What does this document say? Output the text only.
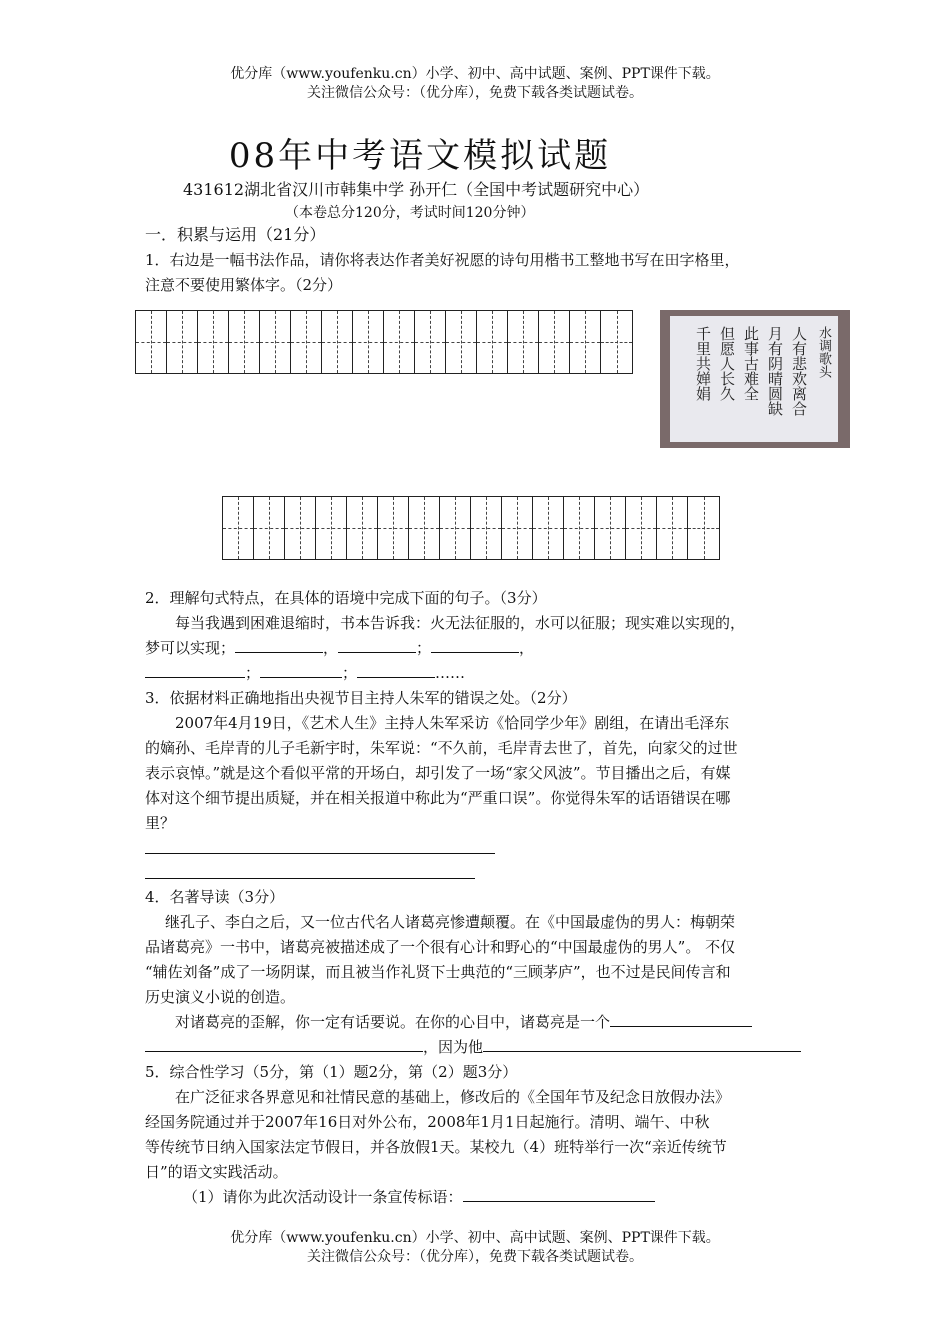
优分库（www.youfenku.cn）小学、初中、高中试题、案例、PPT课件下载。
关注微信公众号：（优分库），免费下载各类试题试卷。
08年中考语文模拟试题
431612湖北省汉川市韩集中学 孙开仁（全国中考试题研究中心）
（本卷总分120分，考试时间120分钟）
一．积累与运用（21分）
1．右边是一幅书法作品，请你将表达作者美好祝愿的诗句用楷书工整地书写在田字格里，
注意不要使用繁体字。（2分）
水调歌头
人有悲欢离合
月有阴晴圆缺
此事古难全
但愿人长久
千里共婵娟
2．理解句式特点，在具体的语境中完成下面的句子。（3分）
每当我遇到困难退缩时，书本告诉我：火无法征服的，水可以征服；现实难以实现的，
梦可以实现；	，	；	，
；	；	……
3．依据材料正确地指出央视节目主持人朱军的错误之处。（2分）
2007年4月19日，《艺术人生》主持人朱军采访《恰同学少年》剧组，在请出毛泽东
的嫡孙、毛岸青的儿子毛新宇时，朱军说：“不久前，毛岸青去世了，首先，向家父的过世
表示哀悼。”就是这个看似平常的开场白，却引发了一场“家父风波”。节目播出之后，有媒
体对这个细节提出质疑，并在相关报道中称此为“严重口误”。你觉得朱军的话语错误在哪
里？
4．名著导读（3分）
继孔子、李白之后，又一位古代名人诸葛亮惨遭颠覆。在《中国最虚伪的男人：梅朝荣
品诸葛亮》一书中，诸葛亮被描述成了一个很有心计和野心的“中国最虚伪的男人”。 不仅
“辅佐刘备”成了一场阴谋，而且被当作礼贤下士典范的“三顾茅庐”，也不过是民间传言和
历史演义小说的创造。
对诸葛亮的歪解，你一定有话要说。在你的心目中，诸葛亮是一个
，因为他
5．综合性学习（5分，第（1）题2分，第（2）题3分）
在广泛征求各界意见和社情民意的基础上，修改后的《全国年节及纪念日放假办法》
经国务院通过并于2007年16日对外公布，2008年1月1日起施行。清明、端午、中秋
等传统节日纳入国家法定节假日，并各放假1天。某校九（4）班特举行一次“亲近传统节
日”的语文实践活动。
（1）请你为此次活动设计一条宣传标语：
优分库（www.youfenku.cn）小学、初中、高中试题、案例、PPT课件下载。
关注微信公众号：（优分库），免费下载各类试题试卷。
